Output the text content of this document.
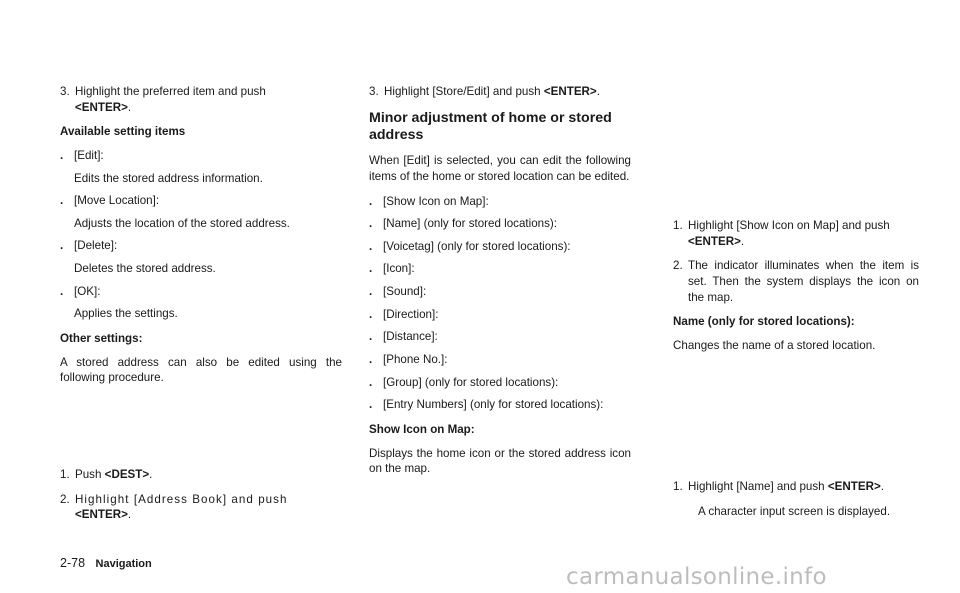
3. Highlight the preferred item and push
<ENTER>.

Available setting items

. [Edit]:
Edits the stored address information.
. [Move Location]:
Adjusts the location of the stored address.
. [Delete]:
Deletes the stored address.
. [OK]:
Applies the settings.

Other settings:

A stored address can also be edited using the following procedure.

1. Push <DEST>.
2. Highlight [Address Book] and push
<ENTER>.
3. Highlight [Store/Edit] and push <ENTER>.

Minor adjustment of home or stored address

When [Edit] is selected, you can edit the following items of the home or stored location can be edited.

. [Show Icon on Map]:
. [Name] (only for stored locations):
. [Voicetag] (only for stored locations):
. [Icon]:
. [Sound]:
. [Direction]:
. [Distance]:
. [Phone No.]:
. [Group] (only for stored locations):
. [Entry Numbers] (only for stored locations):

Show Icon on Map:

Displays the home icon or the stored address icon on the map.

1. Highlight [Show Icon on Map] and push
<ENTER>.
2. The indicator illuminates when the item is set. Then the system displays the icon on the map.

Name (only for stored locations):

Changes the name of a stored location.

1. Highlight [Name] and push <ENTER>.
A character input screen is displayed.
2-78 Navigation	carmanualsonline.info
